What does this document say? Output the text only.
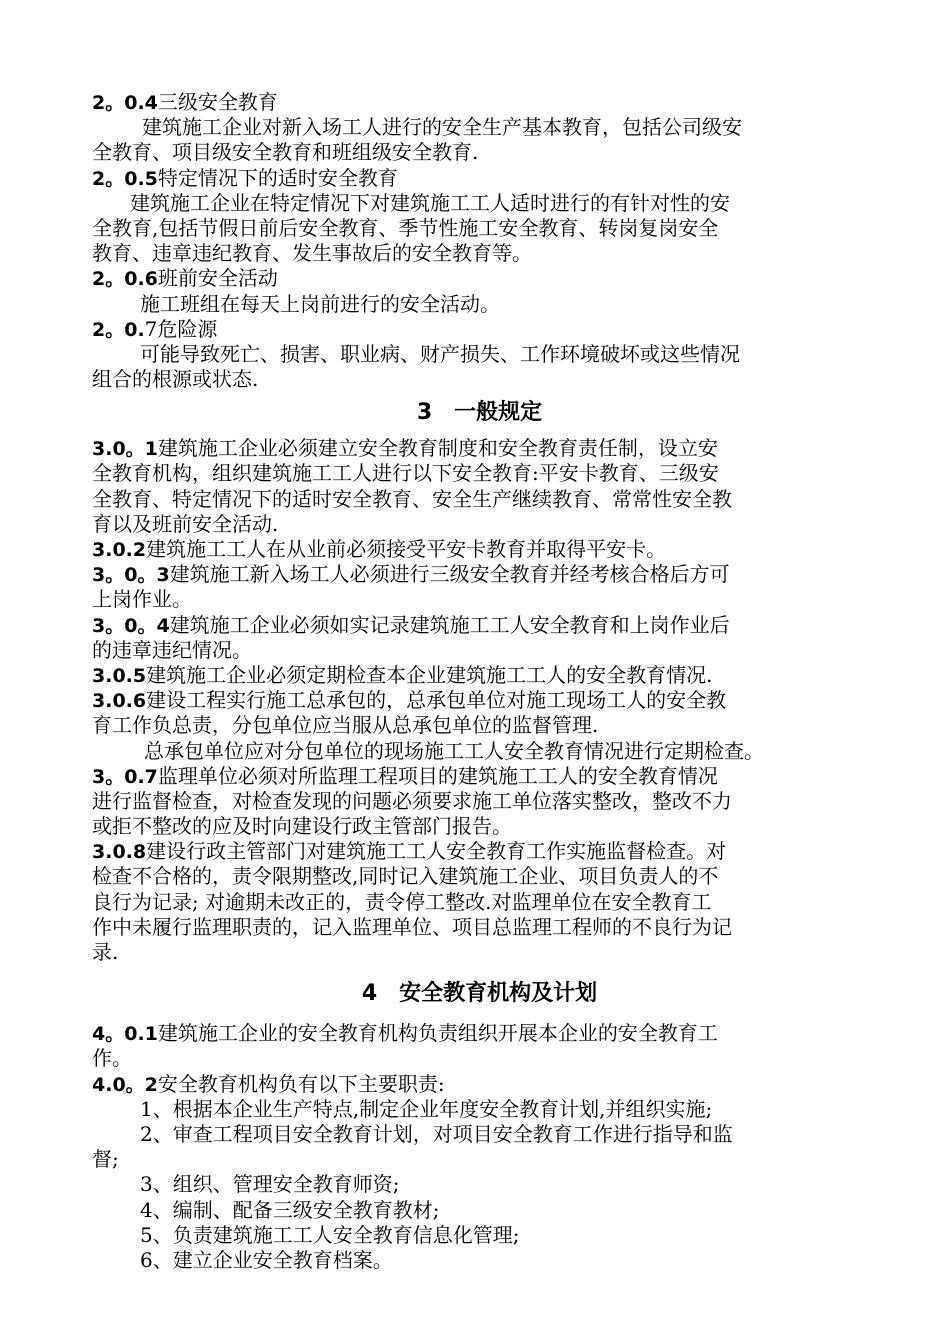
2。0.4三级安全教育
建筑施工企业对新入场工人进行的安全生产基本教育，包括公司级安
全教育、项目级安全教育和班组级安全教育.
2。0.5特定情况下的适时安全教育
建筑施工企业在特定情况下对建筑施工工人适时进行的有针对性的安
全教育,包括节假日前后安全教育、季节性施工安全教育、转岗复岗安全
教育、违章违纪教育、发生事故后的安全教育等。
2。0.6班前安全活动
施工班组在每天上岗前进行的安全活动。
2。0.7危险源
可能导致死亡、损害、职业病、财产损失、工作环境破坏或这些情况
组合的根源或状态.
3　一般规定
3.0。1建筑施工企业必须建立安全教育制度和安全教育责任制，设立安
全教育机构，组织建筑施工工人进行以下安全教育:平安卡教育、三级安
全教育、特定情况下的适时安全教育、安全生产继续教育、常常性安全教
育以及班前安全活动.
3.0.2建筑施工工人在从业前必须接受平安卡教育并取得平安卡。
3。0。3建筑施工新入场工人必须进行三级安全教育并经考核合格后方可
上岗作业。
3。0。4建筑施工企业必须如实记录建筑施工工人安全教育和上岗作业后
的违章违纪情况。
3.0.5建筑施工企业必须定期检查本企业建筑施工工人的安全教育情况.
3.0.6建设工程实行施工总承包的，总承包单位对施工现场工人的安全教
育工作负总责，分包单位应当服从总承包单位的监督管理.
总承包单位应对分包单位的现场施工工人安全教育情况进行定期检查。
3。0.7监理单位必须对所监理工程项目的建筑施工工人的安全教育情况
进行监督检查，对检查发现的问题必须要求施工单位落实整改，整改不力
或拒不整改的应及时向建设行政主管部门报告。
3.0.8建设行政主管部门对建筑施工工人安全教育工作实施监督检查。对
检查不合格的，责令限期整改,同时记入建筑施工企业、项目负责人的不
良行为记录; 对逾期未改正的，责令停工整改.对监理单位在安全教育工
作中未履行监理职责的，记入监理单位、项目总监理工程师的不良行为记
录.
4　安全教育机构及计划
4。0.1建筑施工企业的安全教育机构负责组织开展本企业的安全教育工
作。
4.0。2安全教育机构负有以下主要职责:
1、根据本企业生产特点,制定企业年度安全教育计划,并组织实施;
2、审查工程项目安全教育计划，对项目安全教育工作进行指导和监
督;
3、组织、管理安全教育师资;
4、编制、配备三级安全教育教材;
5、负责建筑施工工人安全教育信息化管理;
6、建立企业安全教育档案。
